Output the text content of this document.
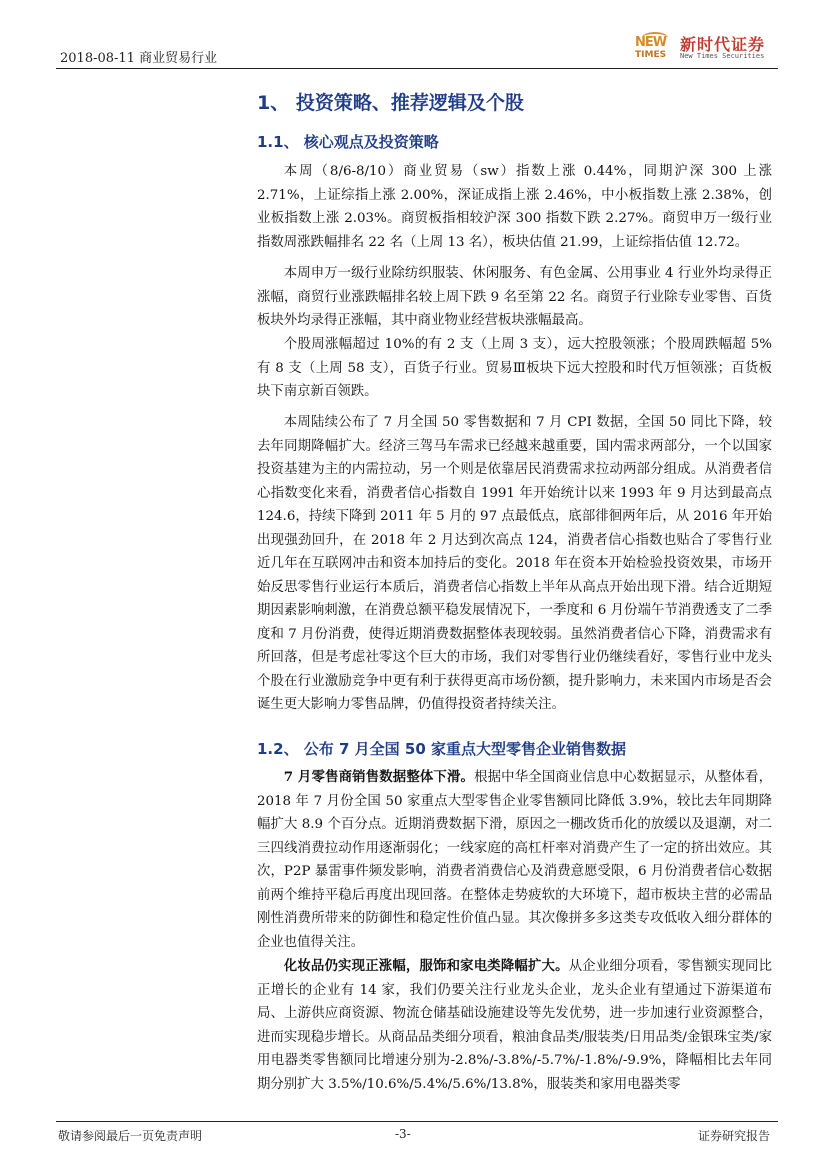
2018-08-11 商业贸易行业
NEW
TIMES
新时代证券
New Times Securities
1、 投资策略、推荐逻辑及个股
1.1、 核心观点及投资策略
本周（8/6-8/10）商业贸易（sw）指数上涨 0.44%，同期沪深 300 上涨 2.71%，上证综指上涨 2.00%，深证成指上涨 2.46%，中小板指数上涨 2.38%，创业板指数上涨 2.03%。商贸板指相较沪深 300 指数下跌 2.27%。商贸申万一级行业指数周涨跌幅排名 22 名（上周 13 名），板块估值 21.99，上证综指估值 12.72。
本周申万一级行业除纺织服装、休闲服务、有色金属、公用事业 4 行业外均录得正涨幅，商贸行业涨跌幅排名较上周下跌 9 名至第 22 名。商贸子行业除专业零售、百货板块外均录得正涨幅，其中商业物业经营板块涨幅最高。
个股周涨幅超过 10%的有 2 支（上周 3 支），远大控股领涨；个股周跌幅超 5%有 8 支（上周 58 支），百货子行业。贸易Ⅲ板块下远大控股和时代万恒领涨；百货板块下南京新百领跌。
本周陆续公布了 7 月全国 50 零售数据和 7 月 CPI 数据，全国 50 同比下降，较去年同期降幅扩大。经济三驾马车需求已经越来越重要，国内需求两部分，一个以国家投资基建为主的内需拉动，另一个则是依靠居民消费需求拉动两部分组成。从消费者信心指数变化来看，消费者信心指数自 1991 年开始统计以来 1993 年 9 月达到最高点 124.6，持续下降到 2011 年 5 月的 97 点最低点，底部徘徊两年后，从 2016 年开始出现强劲回升，在 2018 年 2 月达到次高点 124，消费者信心指数也贴合了零售行业近几年在互联网冲击和资本加持后的变化。2018 年在资本开始检验投资效果，市场开始反思零售行业运行本质后，消费者信心指数上半年从高点开始出现下滑。结合近期短期因素影响刺激，在消费总额平稳发展情况下，一季度和 6 月份端午节消费透支了二季度和 7 月份消费，使得近期消费数据整体表现较弱。虽然消费者信心下降，消费需求有所回落，但是考虑社零这个巨大的市场，我们对零售行业仍继续看好，零售行业中龙头个股在行业激励竞争中更有利于获得更高市场份额，提升影响力，未来国内市场是否会诞生更大影响力零售品牌，仍值得投资者持续关注。
1.2、 公布 7 月全国 50 家重点大型零售企业销售数据
7 月零售商销售数据整体下滑。根据中华全国商业信息中心数据显示，从整体看，2018 年 7 月份全国 50 家重点大型零售企业零售额同比降低 3.9%，较比去年同期降幅扩大 8.9 个百分点。近期消费数据下滑，原因之一棚改货币化的放缓以及退潮，对二三四线消费拉动作用逐渐弱化；一线家庭的高杠杆率对消费产生了一定的挤出效应。其次，P2P 暴雷事件频发影响，消费者消费信心及消费意愿受限，6 月份消费者信心数据前两个维持平稳后再度出现回落。在整体走势疲软的大环境下，超市板块主营的必需品刚性消费所带来的防御性和稳定性价值凸显。其次像拼多多这类专攻低收入细分群体的企业也值得关注。
化妆品仍实现正涨幅，服饰和家电类降幅扩大。从企业细分项看，零售额实现同比正增长的企业有 14 家，我们仍要关注行业龙头企业，龙头企业有望通过下游渠道布局、上游供应商资源、物流仓储基础设施建设等先发优势，进一步加速行业资源整合，进而实现稳步增长。从商品品类细分项看，粮油食品类/服装类/日用品类/金银珠宝类/家用电器类零售额同比增速分别为-2.8%/-3.8%/-5.7%/-1.8%/-9.9%，降幅相比去年同期分别扩大 3.5%/10.6%/5.4%/5.6%/13.8%，服装类和家用电器类零
敬请参阅最后一页免责声明	-3-	证券研究报告
